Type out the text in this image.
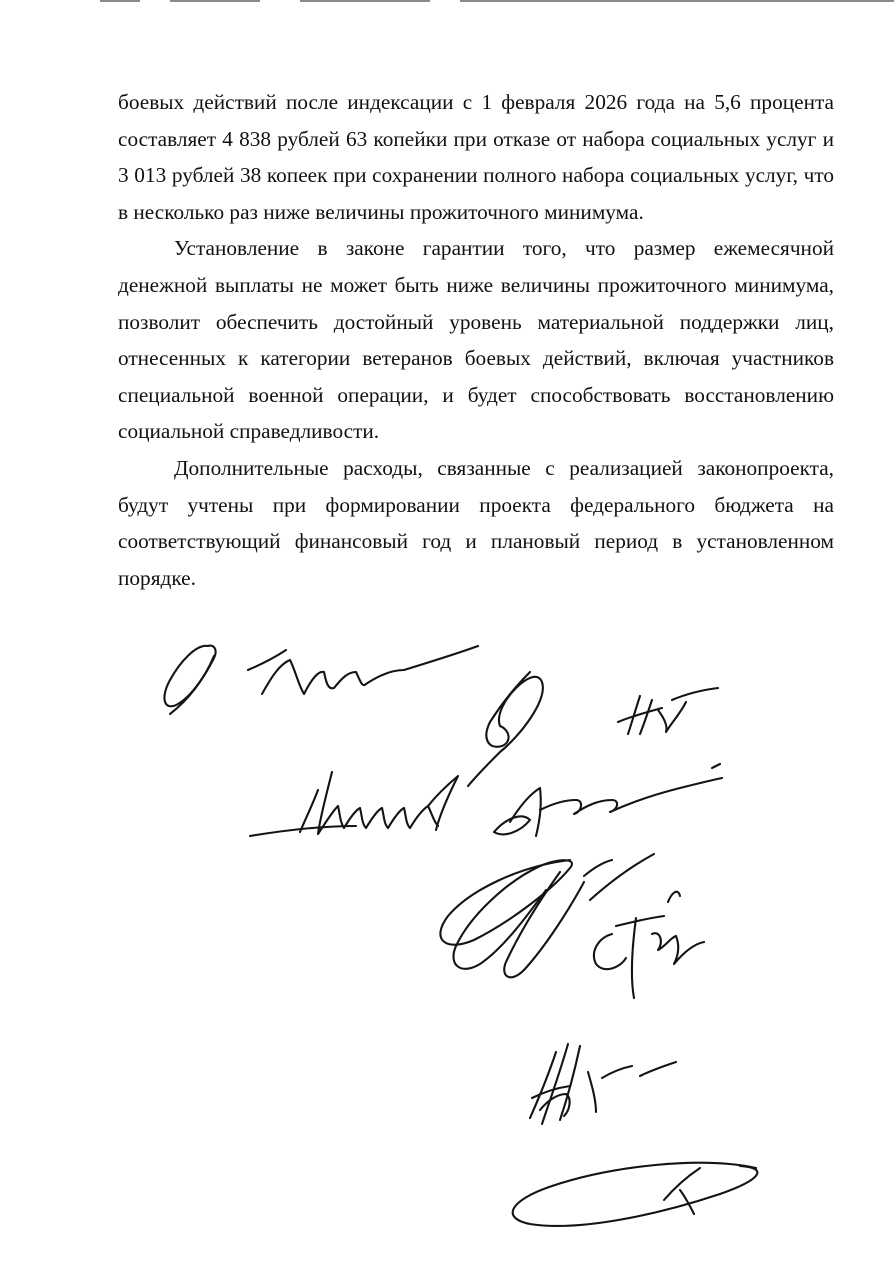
боевых действий после индексации с 1 февраля 2026 года на 5,6 процента составляет 4 838 рублей 63 копейки при отказе от набора социальных услуг и 3 013 рублей 38 копеек при сохранении полного набора социальных услуг, что в несколько раз ниже величины прожиточного минимума.

Установление в законе гарантии того, что размер ежемесячной денежной выплаты не может быть ниже величины прожиточного минимума, позволит обеспечить достойный уровень материальной поддержки лиц, отнесенных к категории ветеранов боевых действий, включая участников специальной военной операции, и будет способствовать восстановлению социальной справедливости.

Дополнительные расходы, связанные с реализацией законопроекта, будут учтены при формировании проекта федерального бюджета на соответствующий финансовый год и плановый период в установленном порядке.
